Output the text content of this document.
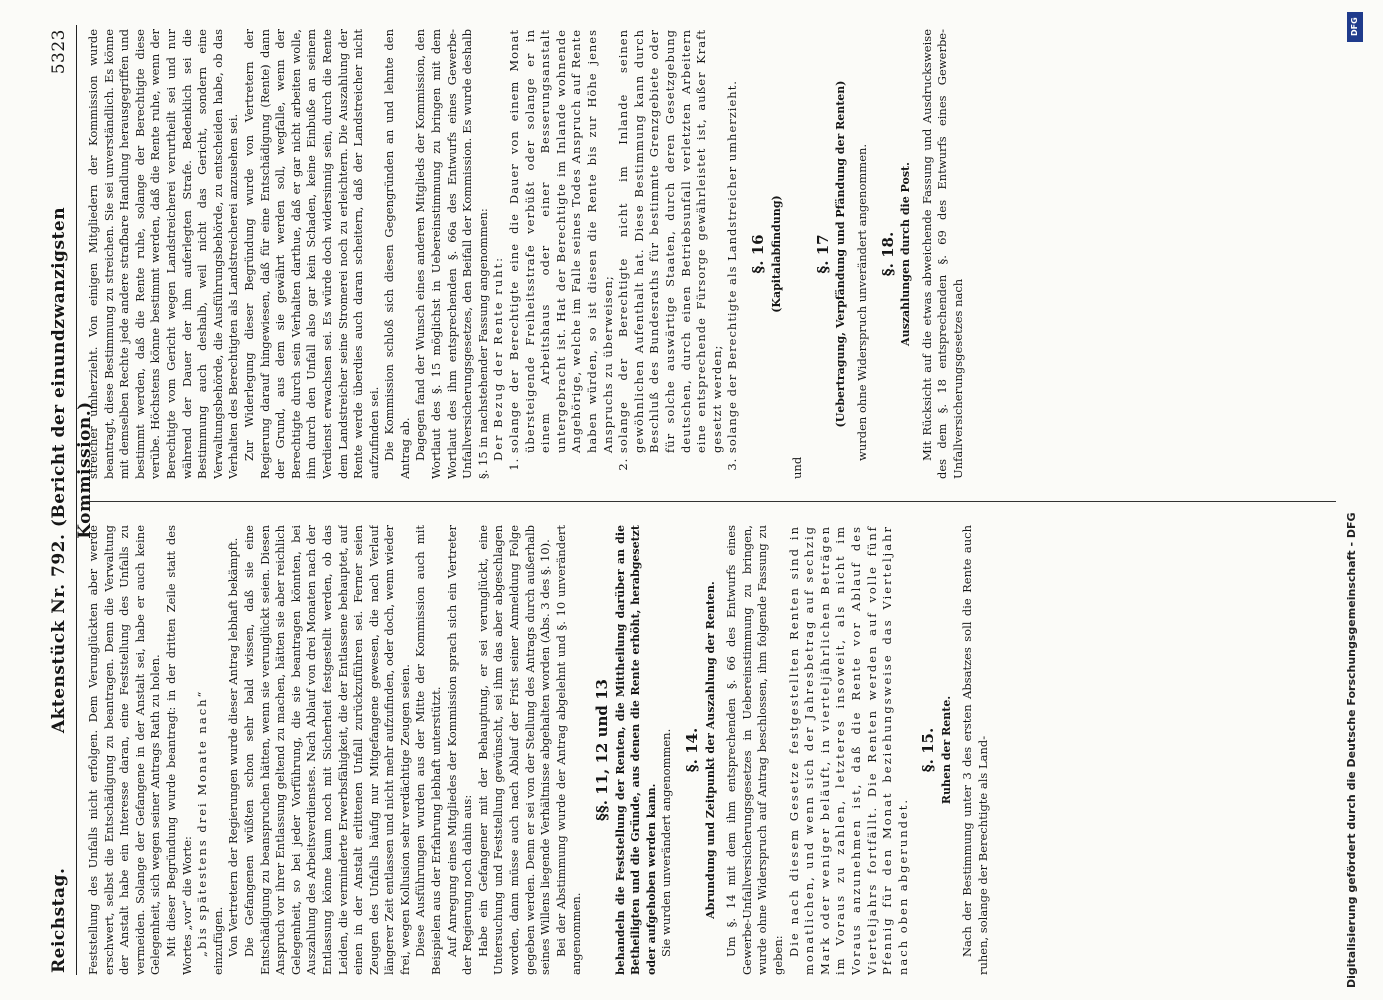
Reichstag.
Aktenstück Nr. 792. (Bericht der einundzwanzigsten Kommission.)
5323

Feststellung des Unfalls nicht erfolgen. Dem Verunglückten aber werde erschwert, selbst die Entschädigung zu beantragen. Denn die Verwaltung der Anstalt habe ein Interesse daran, eine Feststellung des Unfalls zu vermeiden. Solange der Gefangene in der Anstalt sei, habe er auch keine Gelegenheit, sich wegen seiner Antrags Rath zu holen. Mit dieser Begründung wurde beantragt: in der dritten Zeile statt des Wortes „vor“ die Worte: „bis spätestens drei Monate nach“ einzufügen. Von Vertretern der Regierungen wurde dieser Antrag lebhaft bekämpft. Die Gefangenen wüßten schon sehr bald wissen, daß sie eine Entschädigung zu beanspruchen hätten, wenn sie verunglückt seien. Diesen Anspruch vor ihrer Entlassung geltend zu machen, hätten sie aber reichlich Gelegenheit, so bei jeder Vorführung, die sie beantragen könnten, bei Auszahlung des Arbeitsverdienstes. Nach Ablauf von drei Monaten nach der Entlassung könne kaum noch mit Sicherheit festgestellt werden, ob das Leiden, die verminderte Erwerbsfähigkeit, die der Entlassene behauptet, auf einen in der Anstalt erlittenen Unfall zurückzuführen sei. Ferner seien Zeugen des Unfalls häufig nur Mitgefangene gewesen, die nach Verlauf längerer Zeit entlassen und nicht mehr aufzufinden, oder doch, wenn wieder frei, wegen Kollusion sehr verdächtige Zeugen seien. Diese Ausführungen wurden aus der Mitte der Kommission auch mit Beispielen aus der Erfahrung lebhaft unterstützt. Auf Anregung eines Mitgliedes der Kommission sprach sich ein Vertreter der Regierung noch dahin aus: Habe ein Gefangener mit der Behauptung, er sei verunglückt, eine Untersuchung und Feststellung gewünscht, sei ihm das aber abgeschlagen worden, dann müsse auch nach Ablauf der Frist seiner Anmeldung Folge gegeben werden. Denn er sei von der Stellung des Antrags durch außerhalb seines Willens liegende Verhältnisse abgehalten worden (Abs. 3 des §. 10). Bei der Abstimmung wurde der Antrag abgelehnt und §. 10 unverändert angenommen.

§§. 11, 12 und 13 behandeln die Feststellung der Renten, die Mittheilung darüber an die Betheiligten und die Gründe, aus denen die Rente erhöht, herabgesetzt oder aufgehoben werden kann. Sie wurden unverändert angenommen. §. 14. Abrundung und Zeitpunkt der Auszahlung der Renten. Um §. 14 mit dem ihm entsprechenden §. 66 des Entwurfs eines Gewerbe-Unfallversicherungsgesetzes in Uebereinstimmung zu bringen, wurde ohne Widerspruch auf Antrag beschlossen, ihm folgende Fassung zu geben: Die nach diesem Gesetze festgestellten Renten sind in monatlichen, und wenn sich der Jahresbetrag auf sechzig Mark oder weniger beläuft, in vierteljährlichen Beträgen im Voraus zu zahlen, letzteres insoweit, als nicht im Voraus anzunehmen ist, daß die Rente vor Ablauf des Vierteljahrs fortfällt. Die Renten werden auf volle fünf Pfennig für den Monat beziehungsweise das Vierteljahr nach oben abgerundet.

§. 15. Ruhen der Rente. Nach der Bestimmung unter 3 des ersten Absatzes soll die Rente auch ruhen, solange der Berechtigte als Land-

streicher umherzieht. Von einigen Mitgliedern der Kommission wurde beantragt, diese Bestimmung zu streichen. Sie sei unverständlich. Es könne mit demselben Rechte jede andere strafbare Handlung herausgegriffen und bestimmt werden, daß die Rente ruhe, solange der Berechtigte diese verübe. Höchstens könne bestimmt werden, daß die Rente ruhe, wenn der Berechtigte vom Gericht wegen Landstreicherei verurtheilt sei und nur während der Dauer der ihm auferlegten Strafe. Bedenklich sei die Bestimmung auch deshalb, weil nicht das Gericht, sondern eine Verwaltungsbehörde, die Ausführungsbehörde, zu entscheiden habe, ob das Verhalten des Berechtigten als Landstreicherei anzusehen sei. Zur Widerlegung dieser Begründung wurde von Vertretern der Regierung darauf hingewiesen, daß für eine Entschädigung (Rente) dann der Grund, aus dem sie gewährt werden soll, wegfalle, wenn der Berechtigte durch sein Verhalten darthue, daß er gar nicht arbeiten wolle, ihm durch den Unfall also gar kein Schaden, keine Einbuße an seinem Verdienst erwachsen sei. Es würde doch widersinnig sein, durch die Rente dem Landstreicher seine Stromerei noch zu erleichtern. Die Auszahlung der Rente werde überdies auch daran scheitern, daß der Landstreicher nicht aufzufinden sei. Die Kommission schloß sich diesen Gegengründen an und lehnte den Antrag ab. Dagegen fand der Wunsch eines anderen Mitglieds der Kommission, den Wortlaut des §. 15 möglichst in Uebereinstimmung zu bringen mit dem Wortlaut des ihm entsprechenden §. 66a des Entwurfs eines Gewerbe-Unfallversicherungsgesetzes, den Beifall der Kommission. Es wurde deshalb §. 15 in nachstehender Fassung angenommen: Der Bezug der Rente ruht: 1. solange der Berechtigte eine die Dauer von einem Monat übersteigende Freiheitsstrafe verbüßt oder solange er in einem Arbeitshaus oder einer Besserungsanstalt untergebracht ist. Hat der Berechtigte im Inlande wohnende Angehörige, welche im Falle seines Todes Anspruch auf Rente haben würden, so ist diesen die Rente bis zur Höhe jenes Anspruchs zu überweisen; 2. solange der Berechtigte nicht im Inlande seinen gewöhnlichen Aufenthalt hat. Diese Bestimmung kann durch Beschluß des Bundesraths für bestimmte Grenzgebiete oder für solche auswärtige Staaten, durch deren Gesetzgebung deutschen, durch einen Betriebsunfall verletzten Arbeitern eine entsprechende Fürsorge gewährleistet ist, außer Kraft gesetzt werden; 3. solange der Berechtigte als Landstreicher umherzieht. §. 16 (Kapitalabfindung)

und

§. 17 (Uebertragung, Verpfändung und Pfändung der Renten) wurden ohne Widerspruch unverändert angenommen. §. 18. Auszahlungen durch die Post. Mit Rücksicht auf die etwas abweichende Fassung und Ausdrucksweise des dem §. 18 entsprechenden §. 69 des Entwurfs eines Gewerbe-Unfallversicherungsgesetzes nach

DFG
Digitalisierung gefördert durch die Deutsche Forschungsgemeinschaft - DFG
